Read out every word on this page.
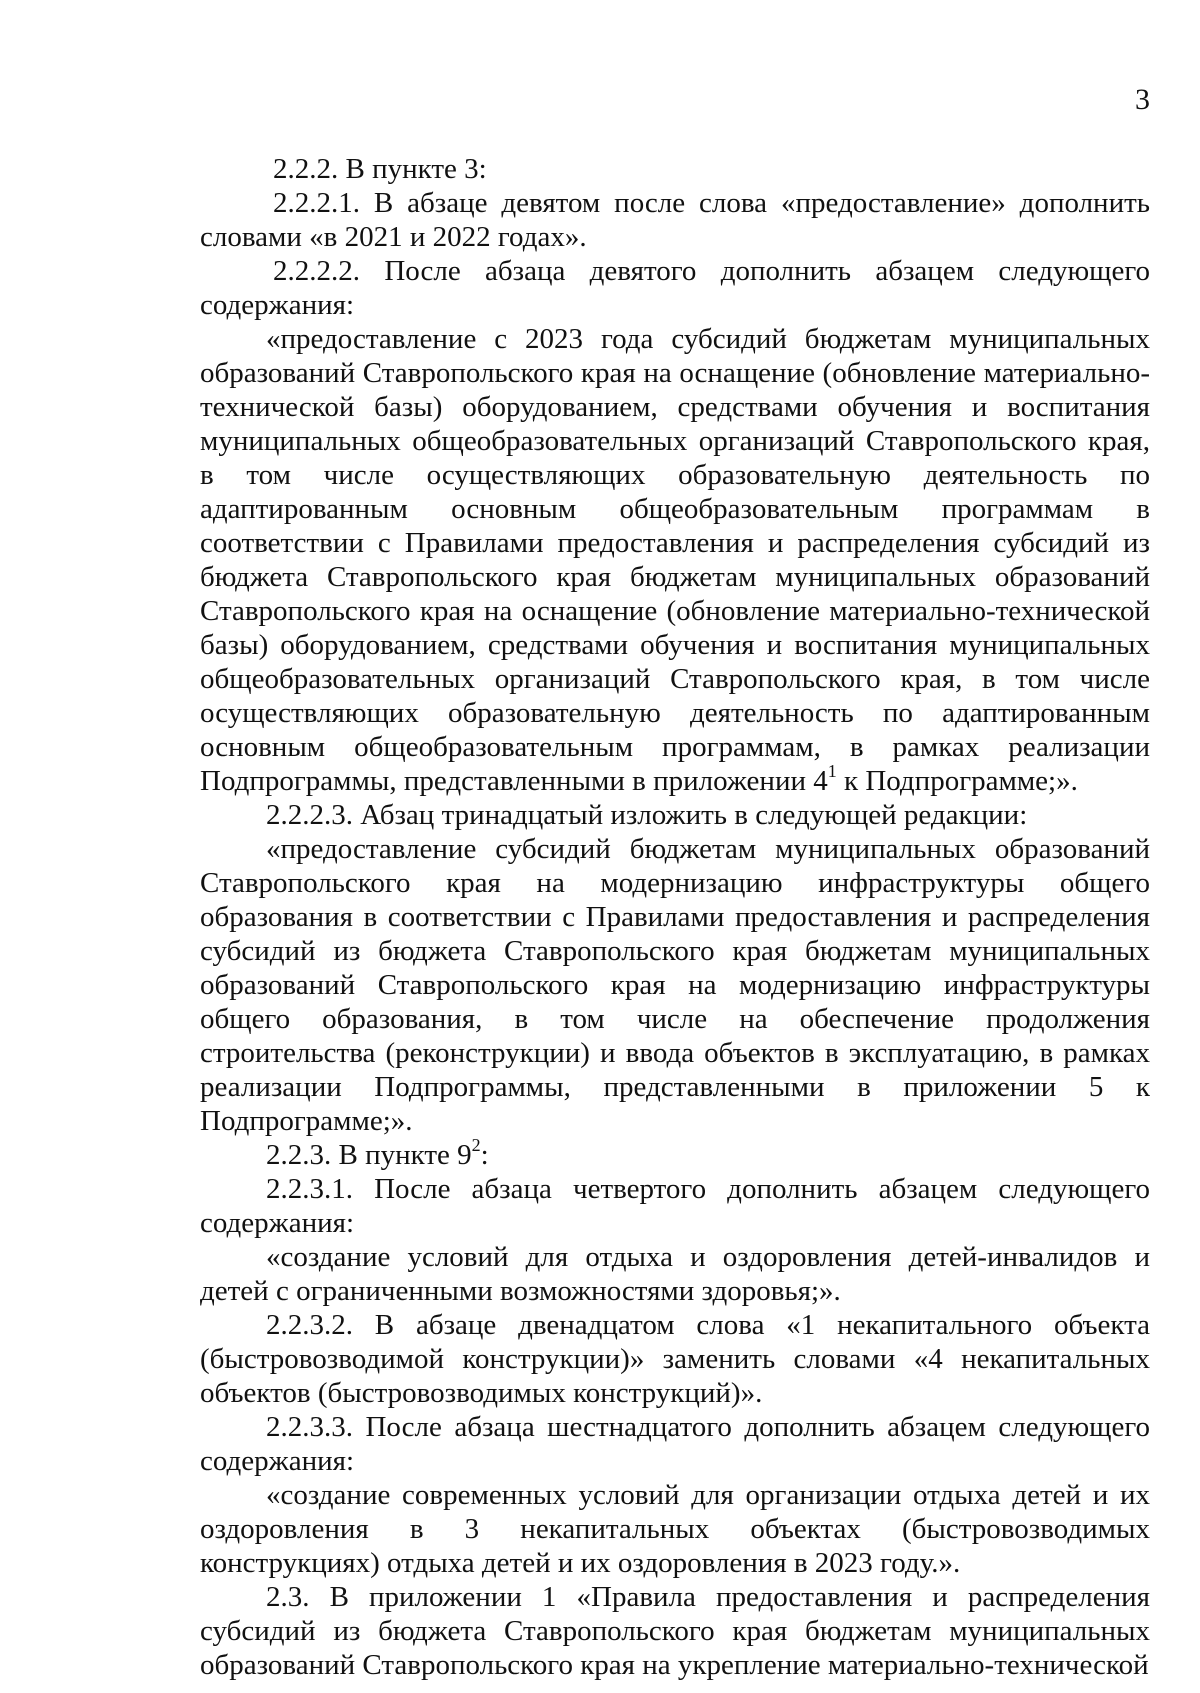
3

2.2.2. В пункте 3:

2.2.2.1. В абзаце девятом после слова «предоставление» дополнить словами «в 2021 и 2022 годах».

2.2.2.2. После абзаца девятого дополнить абзацем следующего содержания:

«предоставление с 2023 года субсидий бюджетам муниципальных образований Ставропольского края на оснащение (обновление материально-технической базы) оборудованием, средствами обучения и воспитания муниципальных общеобразовательных организаций Ставропольского края, в том числе осуществляющих образовательную деятельность по адаптированным основным общеобразовательным программам в соответствии с Правилами предоставления и распределения субсидий из бюджета Ставропольского края бюджетам муниципальных образований Ставропольского края на оснащение (обновление материально-технической базы) оборудованием, средствами обучения и воспитания муниципальных общеобразовательных организаций Ставропольского края, в том числе осуществляющих образовательную деятельность по адаптированным основным общеобразовательным программам, в рамках реализации Подпрограммы, представленными в приложении $4^1$ к Подпрограмме;».

2.2.2.3. Абзац тринадцатый изложить в следующей редакции:

«предоставление субсидий бюджетам муниципальных образований Ставропольского края на модернизацию инфраструктуры общего образования в соответствии с Правилами предоставления и распределения субсидий из бюджета Ставропольского края бюджетам муниципальных образований Ставропольского края на модернизацию инфраструктуры общего образования, в том числе на обеспечение продолжения строительства (реконструкции) и ввода объектов в эксплуатацию, в рамках реализации Подпрограммы, представленными в приложении 5 к Подпрограмме;».

2.2.3. В пункте $9^2$:

2.2.3.1. После абзаца четвертого дополнить абзацем следующего содержания:

«создание условий для отдыха и оздоровления детей-инвалидов и детей с ограниченными возможностями здоровья;».

2.2.3.2. В абзаце двенадцатом слова «1 некапитального объекта (быстровозводимой конструкции)» заменить словами «4 некапитальных объектов (быстровозводимых конструкций)».

2.2.3.3. После абзаца шестнадцатого дополнить абзацем следующего содержания:

«создание современных условий для организации отдыха детей и их оздоровления в 3 некапитальных объектах (быстровозводимых конструкциях) отдыха детей и их оздоровления в 2023 году.».

2.3. В приложении 1 «Правила предоставления и распределения субсидий из бюджета Ставропольского края бюджетам муниципальных образований Ставропольского края на укрепление материально-технической
